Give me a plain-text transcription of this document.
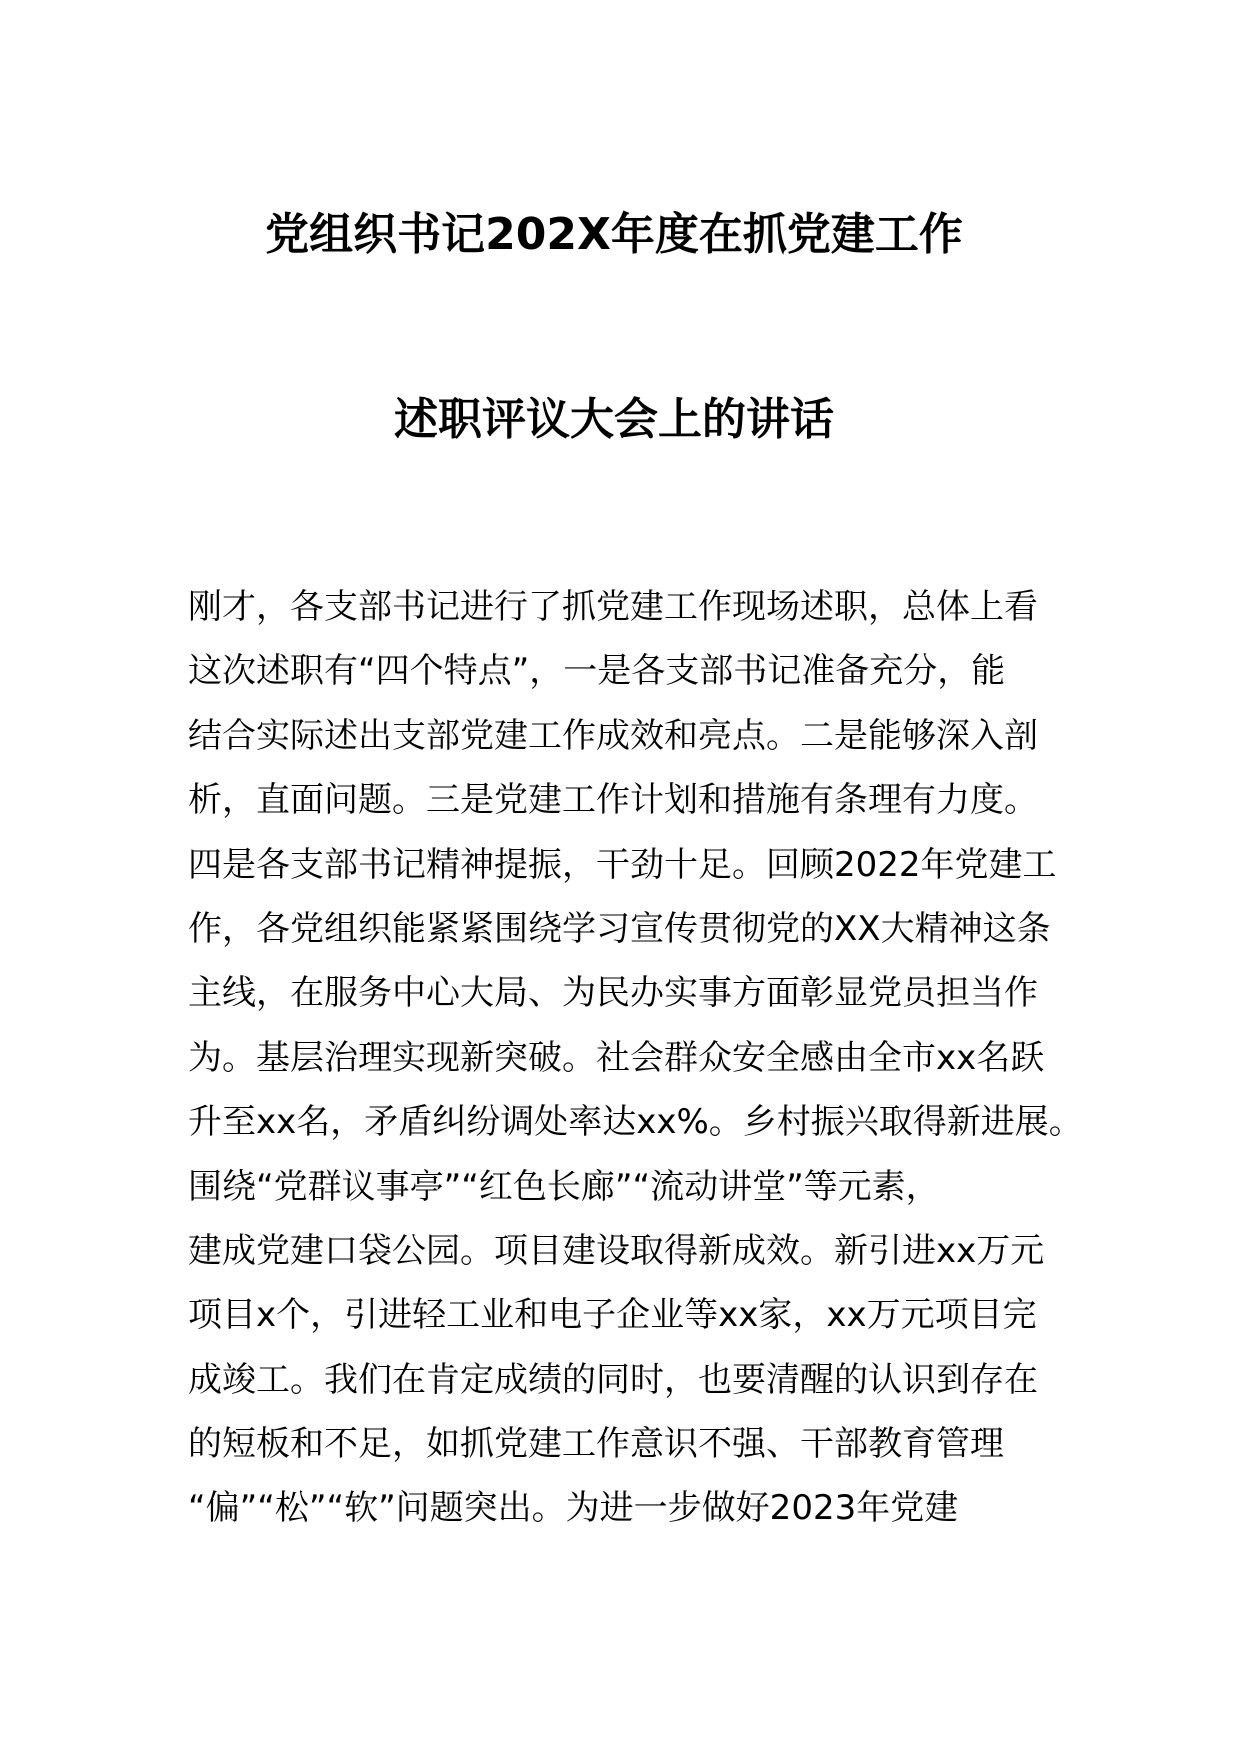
党组织书记202X年度在抓党建工作
述职评议大会上的讲话
刚才，各支部书记进行了抓党建工作现场述职，总体上看
这次述职有“四个特点”，一是各支部书记准备充分，能
结合实际述出支部党建工作成效和亮点。二是能够深入剖
析，直面问题。三是党建工作计划和措施有条理有力度。
四是各支部书记精神提振，干劲十足。回顾2022年党建工
作，各党组织能紧紧围绕学习宣传贯彻党的XX大精神这条
主线，在服务中心大局、为民办实事方面彰显党员担当作
为。基层治理实现新突破。社会群众安全感由全市xx名跃
升至xx名，矛盾纠纷调处率达xx%。乡村振兴取得新进展。
围绕“党群议事亭”“红色长廊”“流动讲堂”等元素，
建成党建口袋公园。项目建设取得新成效。新引进xx万元
项目x个，引进轻工业和电子企业等xx家，xx万元项目完
成竣工。我们在肯定成绩的同时，也要清醒的认识到存在
的短板和不足，如抓党建工作意识不强、干部教育管理
“偏”“松”“软”问题突出。为进一步做好2023年党建
